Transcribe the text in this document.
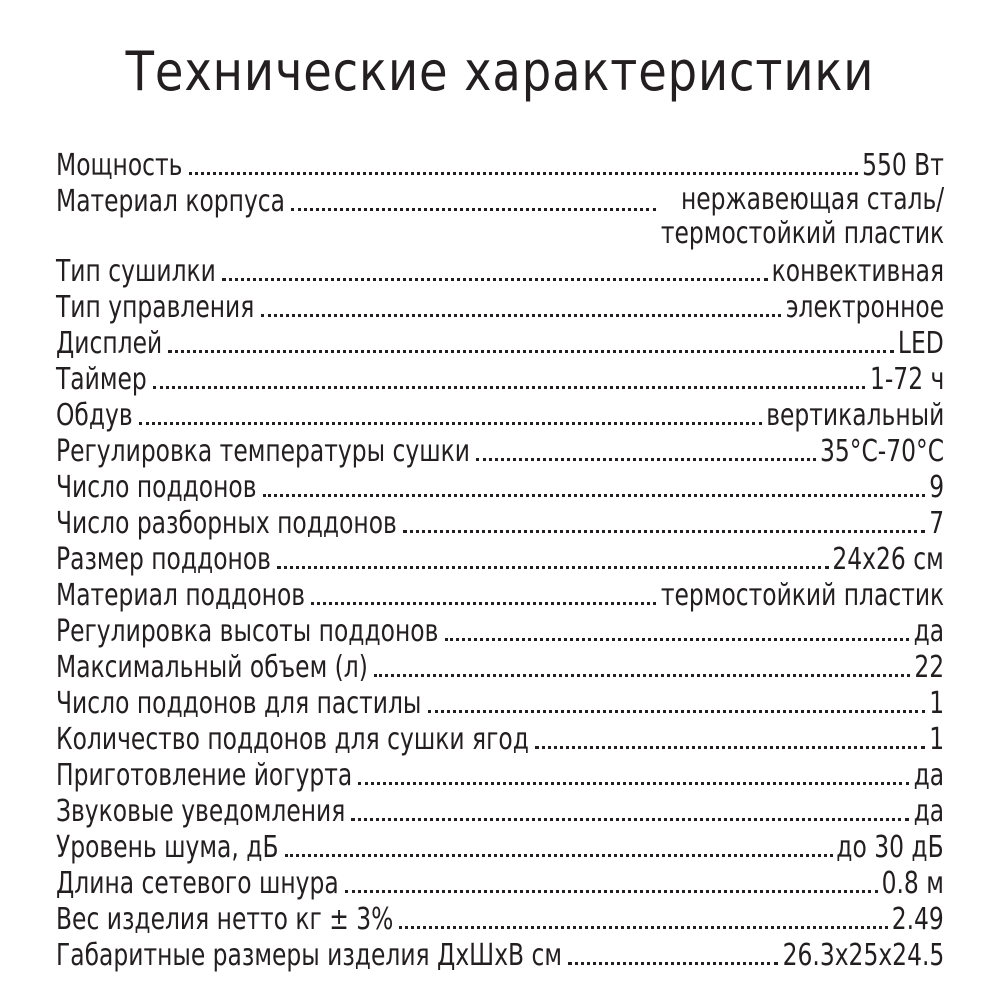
Технические характеристики
Мощность	550 Вт
Материал корпуса	нержавеющая сталь/
термостойкий пластик
Тип сушилки	конвективная
Тип управления	электронное
Дисплей	LED
Таймер	1-72 ч
Обдув	вертикальный
Регулировка температуры сушки	35°C-70°C
Число поддонов	9
Число разборных поддонов	7
Размер поддонов	24x26 см
Материал поддонов	термостойкий пластик
Регулировка высоты поддонов	да
Максимальный объем (л)	22
Число поддонов для пастилы	1
Количество поддонов для сушки ягод	1
Приготовление йогурта	да
Звуковые уведомления	да
Уровень шума, дБ	до 30 дБ
Длина сетевого шнура	0.8 м
Вес изделия нетто кг ± 3%	2.49
Габаритные размеры изделия ДxШxВ см	26.3x25x24.5
